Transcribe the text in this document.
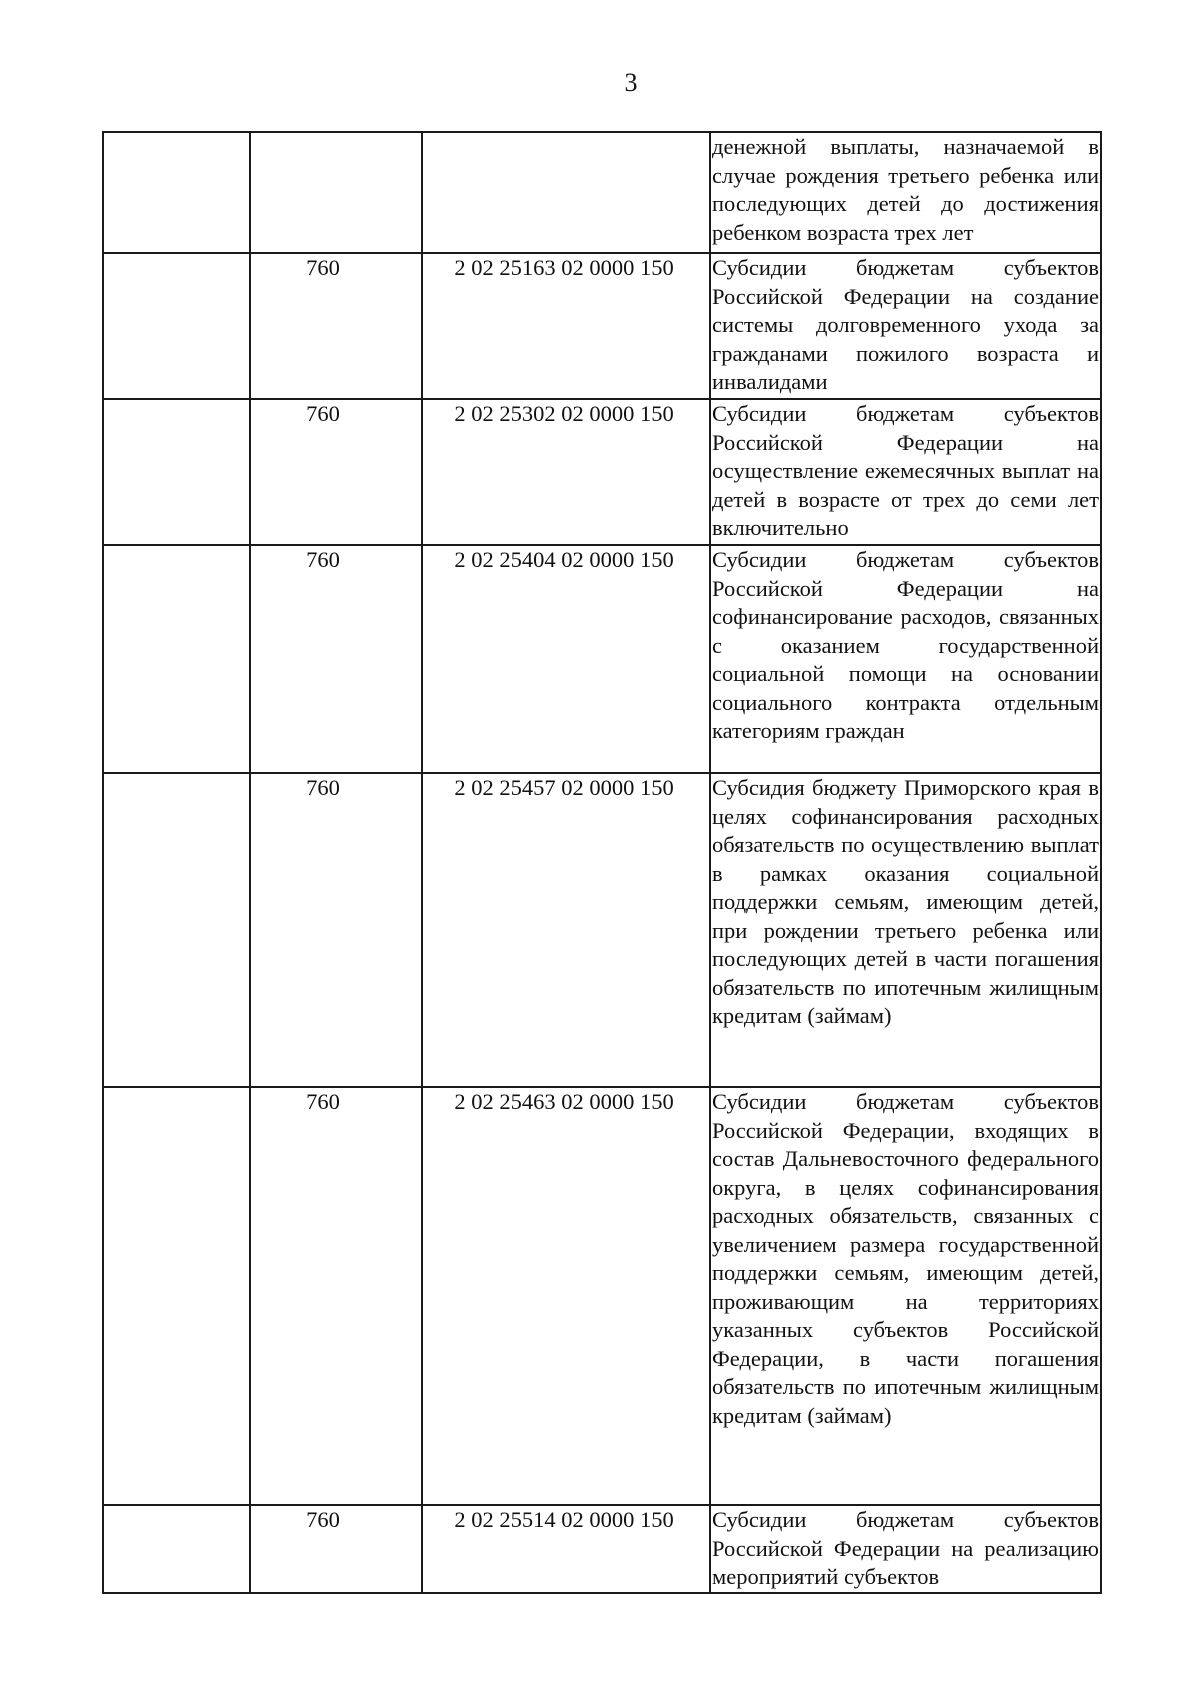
3

			денежной выплаты, назначаемой в случае рождения третьего ребенка или последующих детей до достижения ребенком возраста трех лет

	760	2 02 25163 02 0000 150	Субсидии бюджетам субъектов Российской Федерации на создание системы долговременного ухода за гражданами пожилого возраста и инвалидами

	760	2 02 25302 02 0000 150	Субсидии бюджетам субъектов Российской Федерации на осуществление ежемесячных выплат на детей в возрасте от трех до семи лет включительно

	760	2 02 25404 02 0000 150	Субсидии бюджетам субъектов Российской Федерации на софинансирование расходов, связанных с оказанием государственной социальной помощи на основании социального контракта отдельным категориям граждан

	760	2 02 25457 02 0000 150	Субсидия бюджету Приморского края в целях софинансирования расходных обязательств по осуществлению выплат в рамках оказания социальной поддержки семьям, имеющим детей, при рождении третьего ребенка или последующих детей в части погашения обязательств по ипотечным жилищным кредитам (займам)

	760	2 02 25463 02 0000 150	Субсидии бюджетам субъектов Российской Федерации, входящих в состав Дальневосточного федерального округа, в целях софинансирования расходных обязательств, связанных с увеличением размера государственной поддержки семьям, имеющим детей, проживающим на территориях указанных субъектов Российской Федерации, в части погашения обязательств по ипотечным жилищным кредитам (займам)

	760	2 02 25514 02 0000 150	Субсидии бюджетам субъектов Российской Федерации на реализацию мероприятий субъектов
